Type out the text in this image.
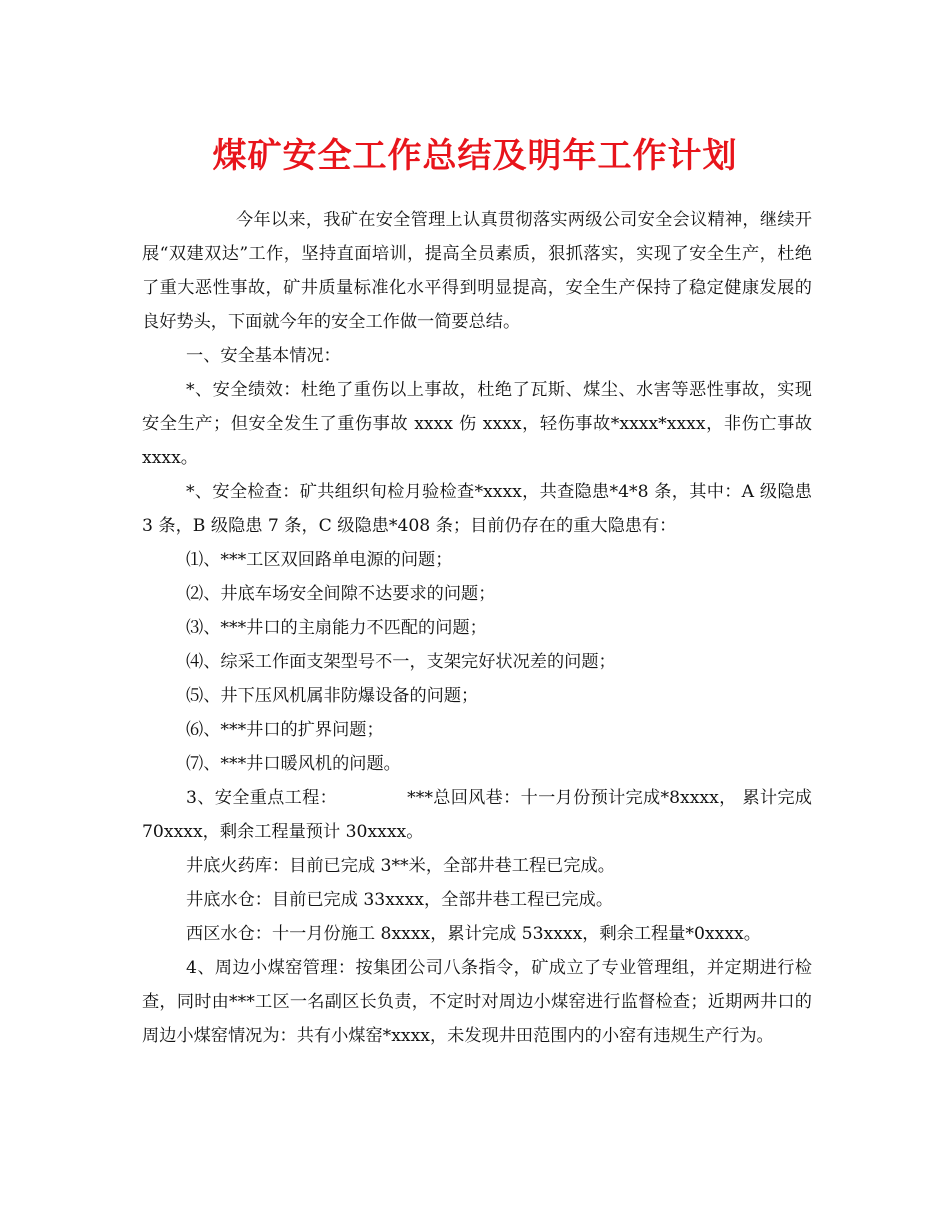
煤矿安全工作总结及明年工作计划

今年以来，我矿在安全管理上认真贯彻落实两级公司安全会议精神，继续开展“双建双达”工作，坚持直面培训，提高全员素质，狠抓落实，实现了安全生产，杜绝了重大恶性事故，矿井质量标准化水平得到明显提高，安全生产保持了稳定健康发展的良好势头，下面就今年的安全工作做一简要总结。

一、安全基本情况：

*、安全绩效：杜绝了重伤以上事故，杜绝了瓦斯、煤尘、水害等恶性事故，实现安全生产；但安全发生了重伤事故 xxxx 伤 xxxx，轻伤事故*xxxx*xxxx，非伤亡事故 xxxx。

*、安全检查：矿共组织旬检月验检查*xxxx，共查隐患*4*8 条，其中：A 级隐患 3 条，B 级隐患 7 条，C 级隐患*408 条；目前仍存在的重大隐患有：

⑴、***工区双回路单电源的问题；

⑵、井底车场安全间隙不达要求的问题；

⑶、***井口的主扇能力不匹配的问题；

⑷、综采工作面支架型号不一，支架完好状况差的问题；

⑸、井下压风机属非防爆设备的问题；

⑹、***井口的扩界问题；

⑺、***井口暖风机的问题。

3、安全重点工程：	***总回风巷：十一月份预计完成*8xxxx， 累计完成 70xxxx，剩余工程量预计 30xxxx。

井底火药库：目前已完成 3**米，全部井巷工程已完成。

井底水仓：目前已完成 33xxxx，全部井巷工程已完成。

西区水仓：十一月份施工 8xxxx，累计完成 53xxxx，剩余工程量*0xxxx。

4、周边小煤窑管理：按集团公司八条指令，矿成立了专业管理组，并定期进行检查，同时由***工区一名副区长负责，不定时对周边小煤窑进行监督检查；近期两井口的周边小煤窑情况为：共有小煤窑*xxxx，未发现井田范围内的小窑有违规生产行为。
